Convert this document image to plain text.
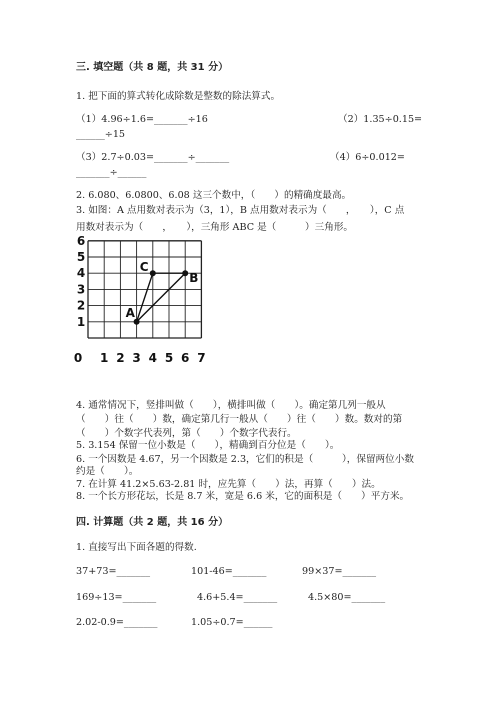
三. 填空题（共 8 题，共 31 分）
1. 把下面的算式转化成除数是整数的除法算式。
（1）4.96÷1.6=_______÷16	（2）1.35÷0.15=
______÷15
（3）2.7÷0.03=_______÷_______	（4）6÷0.012=
_______÷______
2. 6.080、6.0800、6.08 这三个数中，（　　）的精确度最高。
3. 如图：A 点用数对表示为（3，1），B 点用数对表示为（　　，　　），C 点
用数对表示为（　　，　　），三角形 ABC 是（　　　）三角形。
0 1 2 3 4 5 6 7
1
2
3
4
5
6
A
B
C
4. 通常情况下，竖排叫做（　　），横排叫做（　　）。确定第几列一般从
（　　）往（　　）数，确定第几行一般从（　　）往（　　）数。数对的第
（　　）个数字代表列，第（　　）个数字代表行。
5. 3.154 保留一位小数是（　　），精确到百分位是（　　）。
6. 一个因数是 4.67，另一个因数是 2.3，它们的积是（　　　），保留两位小数
约是（　　）。
7. 在计算 41.2×5.63-2.81 时，应先算（　　）法，再算（　　）法。
8. 一个长方形花坛，长是 8.7 米，宽是 6.6 米，它的面积是（　　）平方米。
四. 计算题（共 2 题，共 16 分）
1. 直接写出下面各题的得数.
37+73=_______	101-46=_______	99×37=_______
169÷13=_______	4.6+5.4=_______	4.5×80=_______
2.02-0.9=_______	1.05÷0.7=______
